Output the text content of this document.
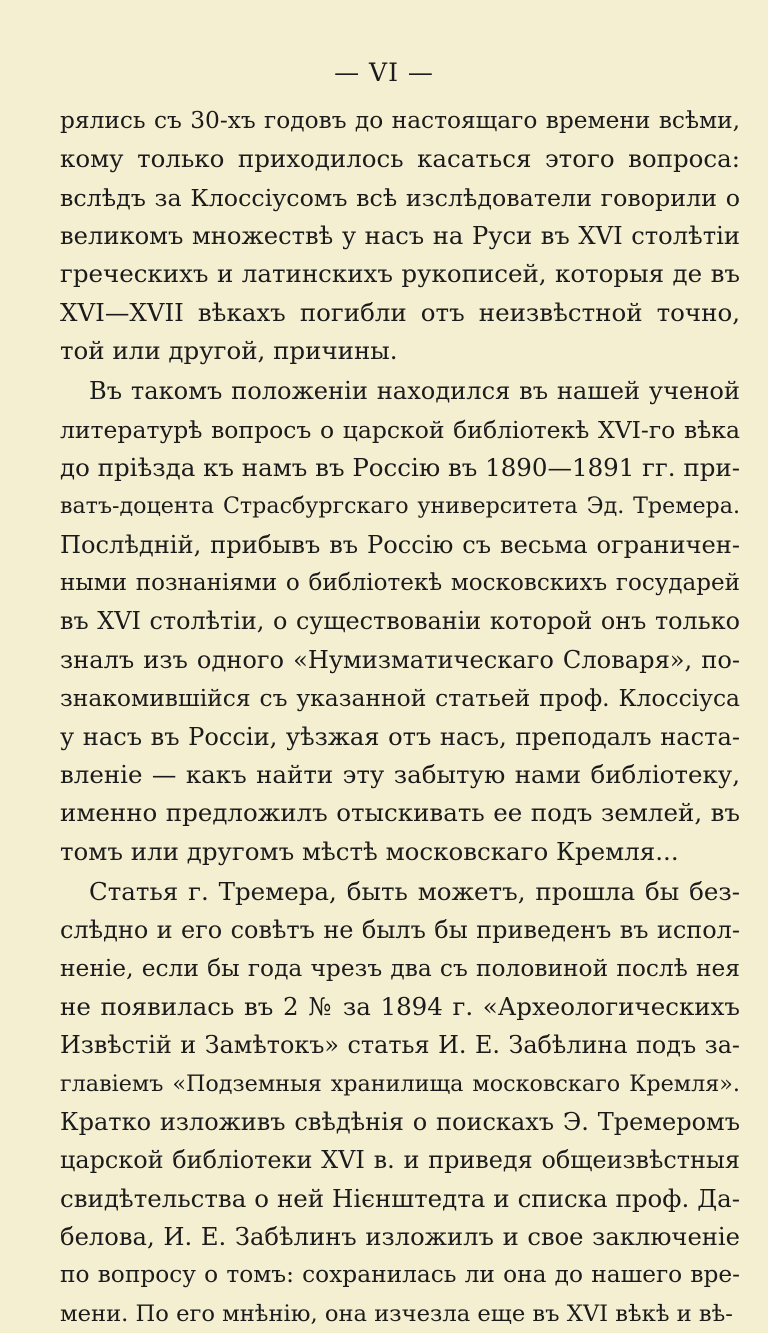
— VI —
рялись съ 30-хъ годовъ до настоящаго времени всѣми,
кому только приходилось касаться этого вопроса:
вслѣдъ за Клоссіусомъ всѣ изслѣдователи говорили о
великомъ множествѣ у насъ на Руси въ XVI столѣтіи
греческихъ и латинскихъ рукописей, которыя де въ
XVI—XVII вѣкахъ погибли отъ неизвѣстной точно,
той или другой, причины.
Въ такомъ положеніи находился въ нашей ученой
литературѣ вопросъ о царской библіотекѣ XVI-го вѣка
до пріѣзда къ намъ въ Россію въ 1890—1891 гг. при-
ватъ-доцента Страсбургскаго университета Эд. Тремера.
Послѣдній, прибывъ въ Россію съ весьма ограничен-
ными познаніями о библіотекѣ московскихъ государей
въ XVI столѣтіи, о существованіи которой онъ только
зналъ изъ одного «Нумизматическаго Словаря», по-
знакомившійся съ указанной статьей проф. Клоссіуса
у насъ въ Россіи, уѣзжая отъ насъ, преподалъ наста-
вленіе — какъ найти эту забытую нами библіотеку,
именно предложилъ отыскивать ее подъ землей, въ
томъ или другомъ мѣстѣ московскаго Кремля...
Статья г. Тремера, быть можетъ, прошла бы без-
слѣдно и его совѣтъ не былъ бы приведенъ въ испол-
неніе, если бы года чрезъ два съ половиной послѣ нея
не появилась въ 2 № за 1894 г. «Археологическихъ
Извѣстій и Замѣтокъ» статья И. Е. Забѣлина подъ за-
главіемъ «Подземныя хранилища московскаго Кремля».
Кратко изложивъ свѣдѣнія о поискахъ Э. Тремеромъ
царской библіотеки XVI в. и приведя общеизвѣстныя
свидѣтельства о ней Нієнштедта и списка проф. Да-
белова, И. Е. Забѣлинъ изложилъ и свое заключеніе
по вопросу о томъ: сохранилась ли она до нашего вре-
мени. По его мнѣнію, она изчезла еще въ XVI вѣкѣ и вѣ-
